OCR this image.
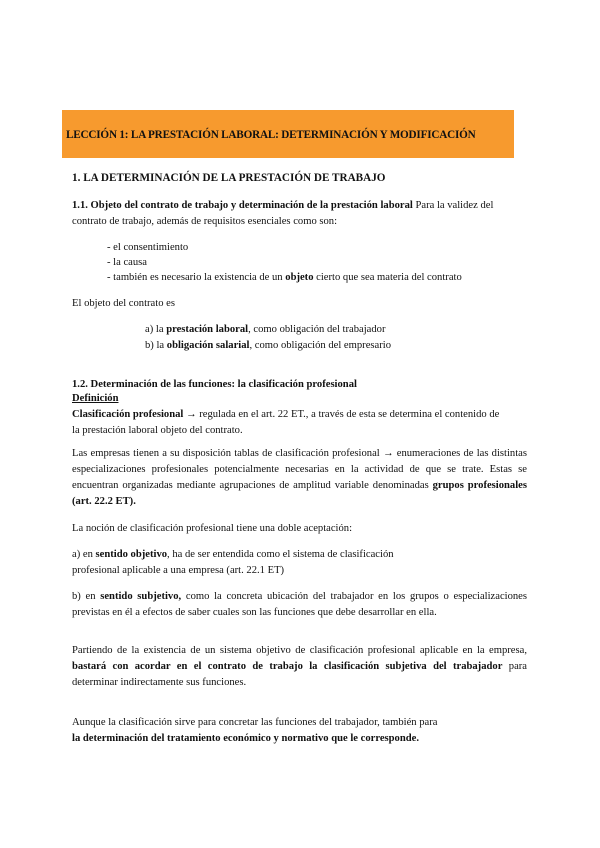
LECCIÓN 1: LA PRESTACIÓN LABORAL: DETERMINACIÓN Y MODIFICACIÓN
1. LA DETERMINACIÓN DE LA PRESTACIÓN DE TRABAJO
1.1. Objeto del contrato de trabajo y determinación de la prestación laboral Para la validez del
contrato de trabajo, además de requisitos esenciales como son:
- el consentimiento
- la causa
- también es necesario la existencia de un objeto cierto que sea materia del contrato
El objeto del contrato es
a) la prestación laboral, como obligación del trabajador
b) la obligación salarial, como obligación del empresario
1.2. Determinación de las funciones: la clasificación profesional
Definición
Clasificación profesional → regulada en el art. 22 ET., a través de esta se determina el contenido de
la prestación laboral objeto del contrato.
Las empresas tienen a su disposición tablas de clasificación profesional → enumeraciones de las distintas especializaciones profesionales potencialmente necesarias en la actividad de que se trate. Estas se encuentran organizadas mediante agrupaciones de amplitud variable denominadas grupos profesionales (art. 22.2 ET).
La noción de clasificación profesional tiene una doble aceptación:
a) en sentido objetivo, ha de ser entendida como el sistema de clasificación
profesional aplicable a una empresa (art. 22.1 ET)
b) en sentido subjetivo, como la concreta ubicación del trabajador en los grupos o especializaciones previstas en él a efectos de saber cuales son las funciones que debe desarrollar en ella.
Partiendo de la existencia de un sistema objetivo de clasificación profesional aplicable en la empresa, bastará con acordar en el contrato de trabajo la clasificación subjetiva del trabajador para determinar indirectamente sus funciones.
Aunque la clasificación sirve para concretar las funciones del trabajador, también para
la determinación del tratamiento económico y normativo que le corresponde.
